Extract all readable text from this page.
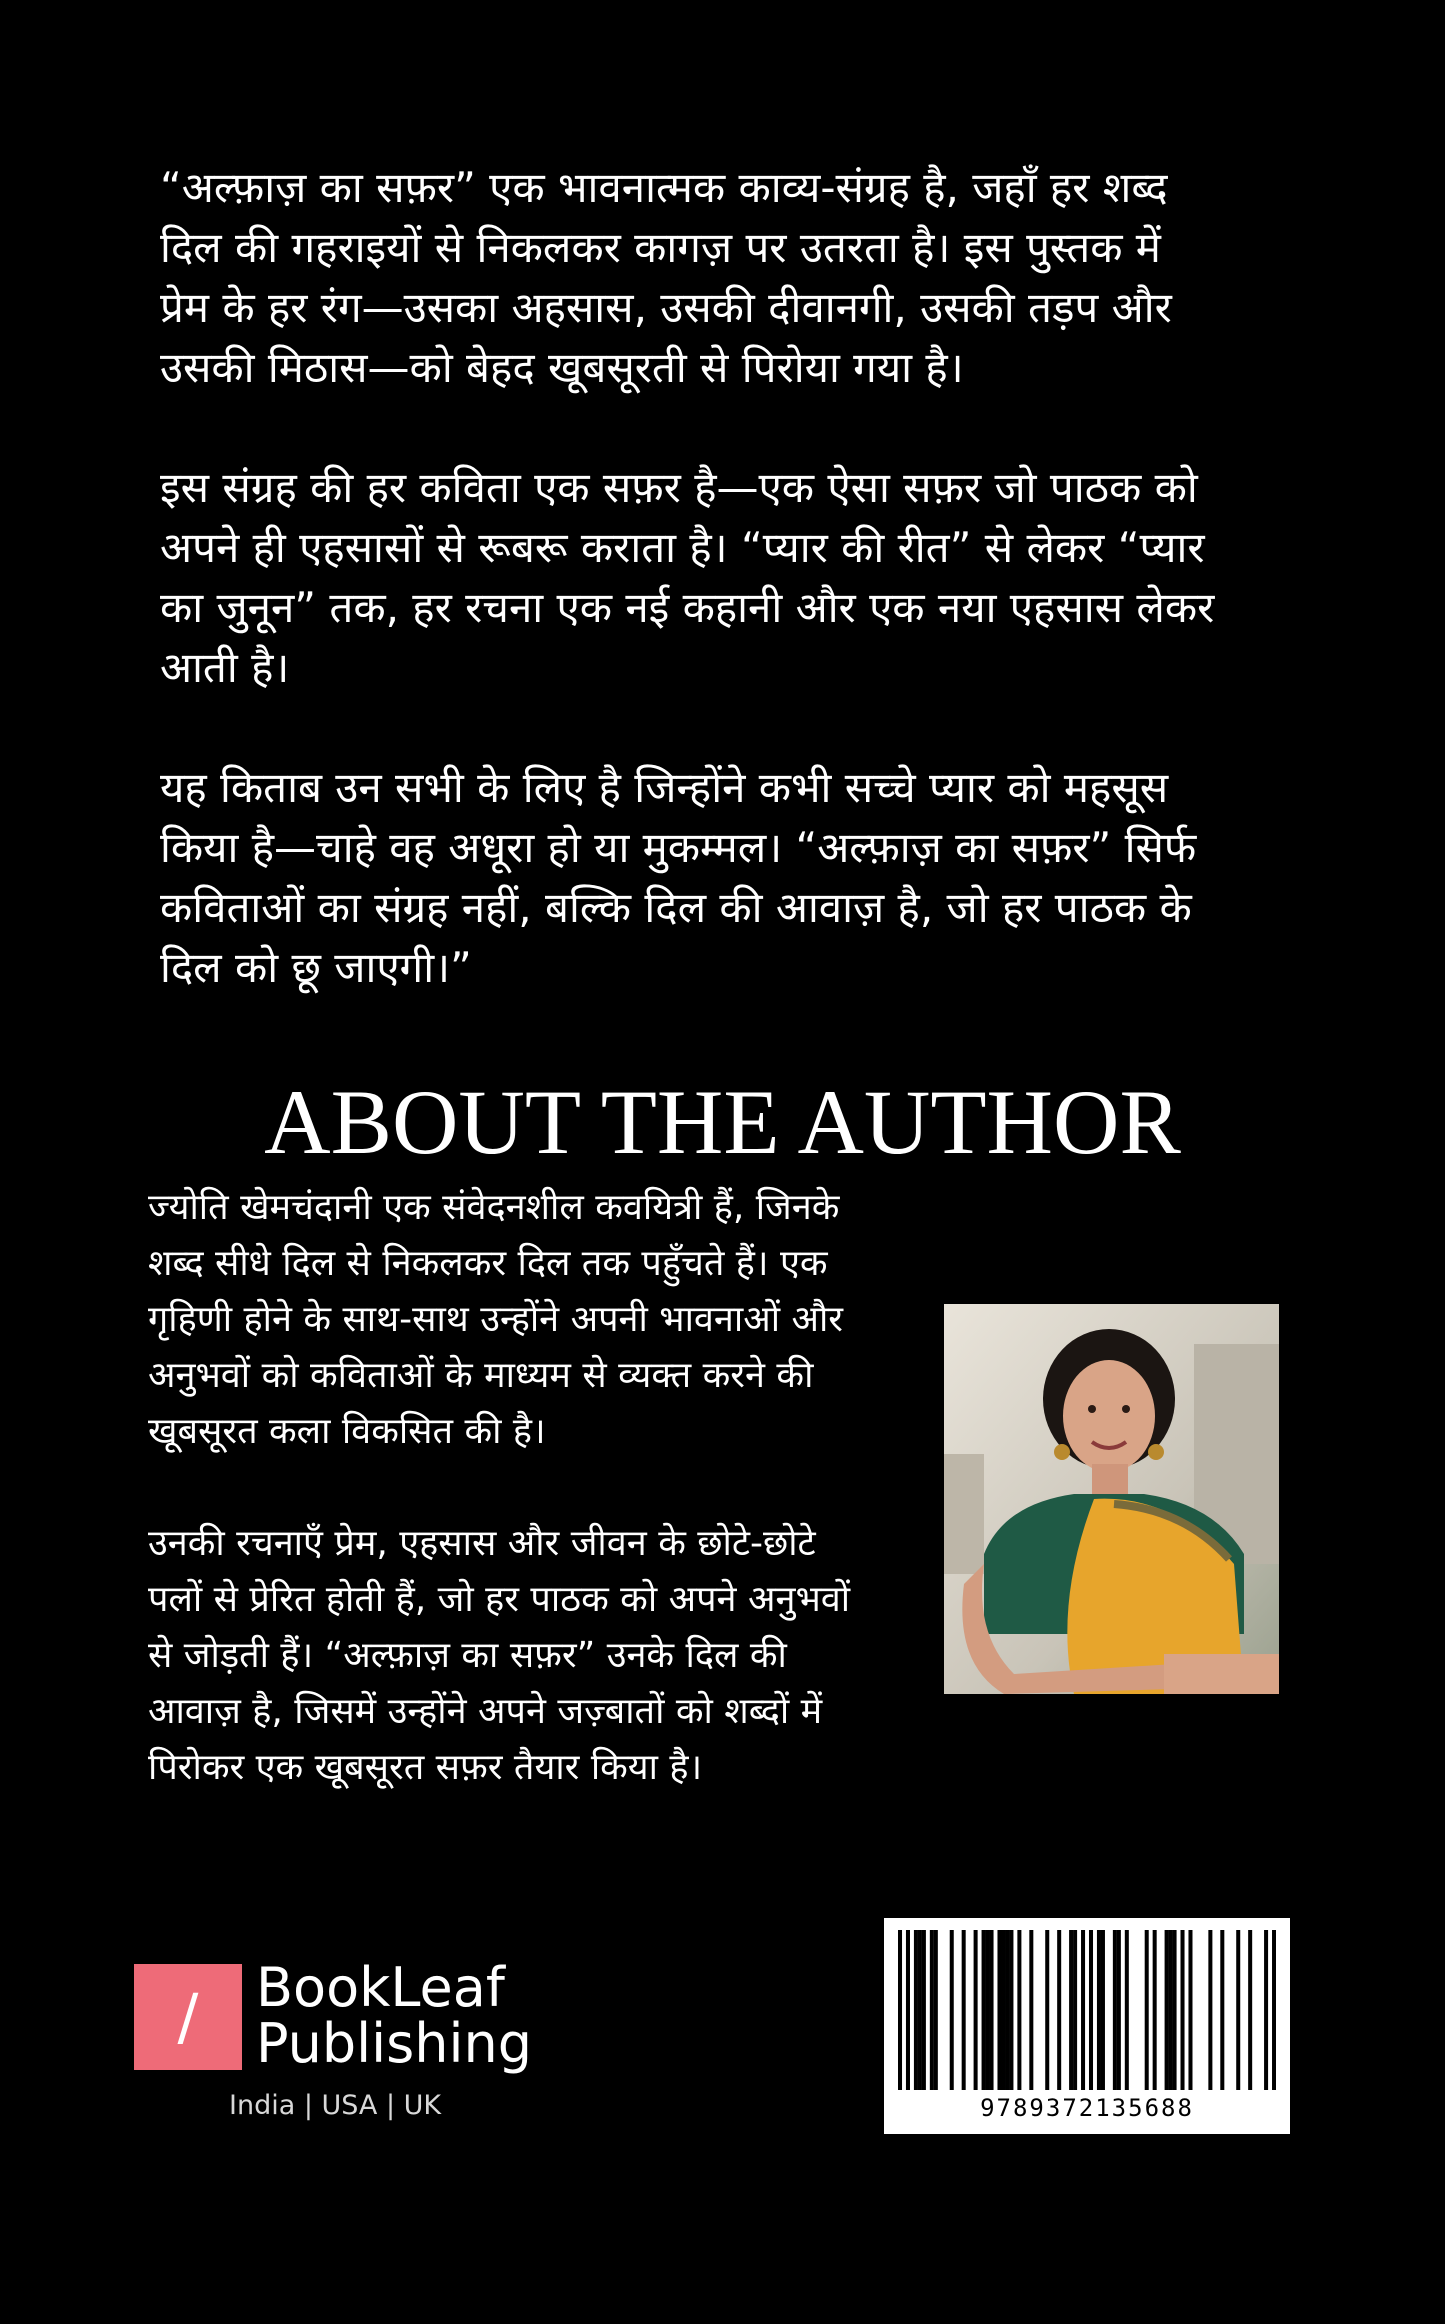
“अल्फ़ाज़ का सफ़र” एक भावनात्मक काव्य-संग्रह है, जहाँ हर शब्द दिल की गहराइयों से निकलकर कागज़ पर उतरता है। इस पुस्तक में प्रेम के हर रंग—उसका अहसास, उसकी दीवानगी, उसकी तड़प और उसकी मिठास—को बेहद खूबसूरती से पिरोया गया है।

इस संग्रह की हर कविता एक सफ़र है—एक ऐसा सफ़र जो पाठक को अपने ही एहसासों से रूबरू कराता है। “प्यार की रीत” से लेकर “प्यार का जुनून” तक, हर रचना एक नई कहानी और एक नया एहसास लेकर आती है।

यह किताब उन सभी के लिए है जिन्होंने कभी सच्चे प्यार को महसूस किया है—चाहे वह अधूरा हो या मुकम्मल। “अल्फ़ाज़ का सफ़र” सिर्फ कविताओं का संग्रह नहीं, बल्कि दिल की आवाज़ है, जो हर पाठक के दिल को छू जाएगी।”

ABOUT THE AUTHOR

ज्योति खेमचंदानी एक संवेदनशील कवयित्री हैं, जिनके शब्द सीधे दिल से निकलकर दिल तक पहुँचते हैं। एक गृहिणी होने के साथ-साथ उन्होंने अपनी भावनाओं और अनुभवों को कविताओं के माध्यम से व्यक्त करने की खूबसूरत कला विकसित की है।

उनकी रचनाएँ प्रेम, एहसास और जीवन के छोटे-छोटे पलों से प्रेरित होती हैं, जो हर पाठक को अपने अनुभवों से जोड़ती हैं। “अल्फ़ाज़ का सफ़र” उनके दिल की आवाज़ है, जिसमें उन्होंने अपने जज़्बातों को शब्दों में पिरोकर एक खूबसूरत सफ़र तैयार किया है।

/	BookLeaf
Publishing
India | USA | UK	9789372135688
